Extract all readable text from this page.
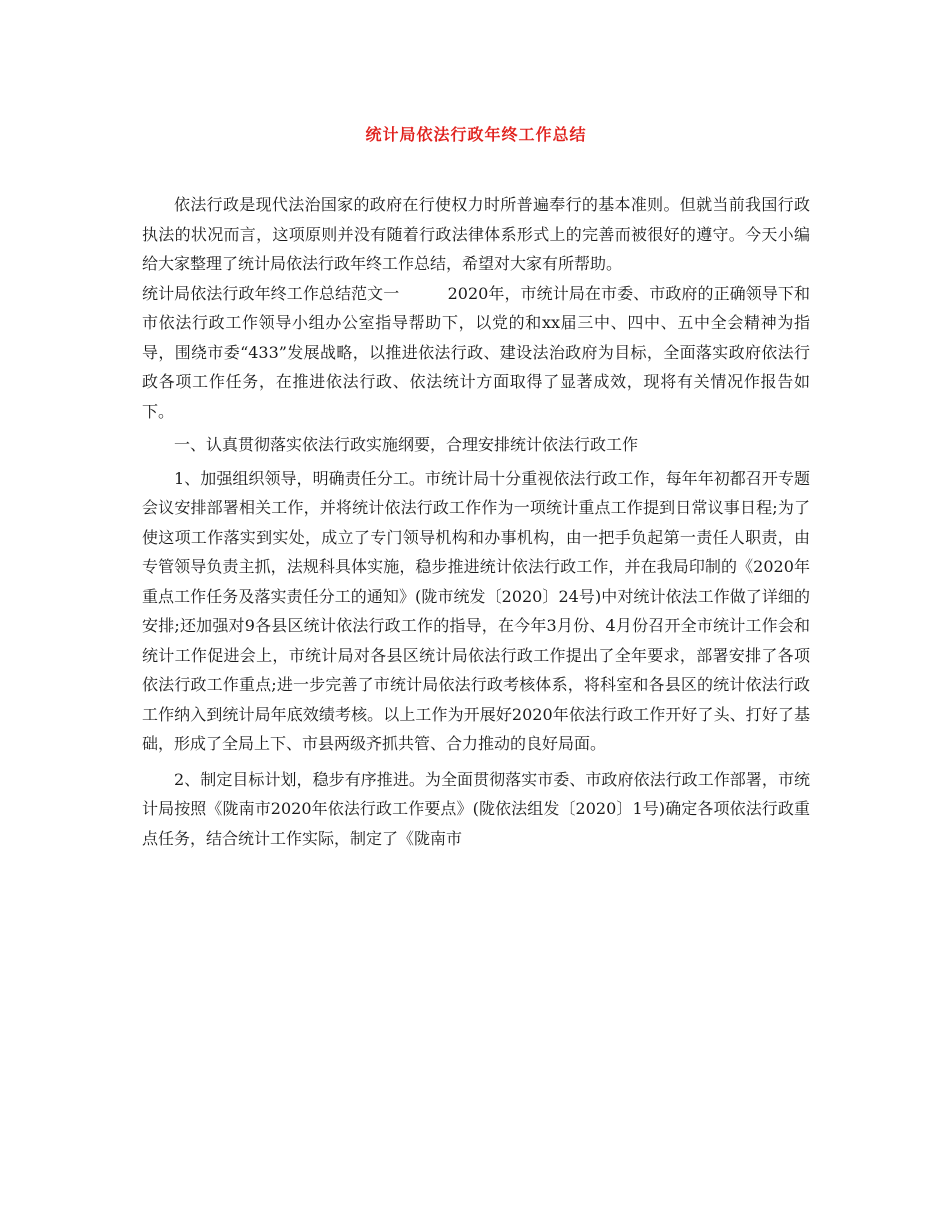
统计局依法行政年终工作总结

依法行政是现代法治国家的政府在行使权力时所普遍奉行的基本准则。但就当前我国行政执法的状况而言，这项原则并没有随着行政法律体系形式上的完善而被很好的遵守。今天小编给大家整理了统计局依法行政年终工作总结，希望对大家有所帮助。

统计局依法行政年终工作总结范文一　　　2020年，市统计局在市委、市政府的正确领导下和市依法行政工作领导小组办公室指导帮助下，以党的和xx届三中、四中、五中全会精神为指导，围绕市委“433”发展战略，以推进依法行政、建设法治政府为目标，全面落实政府依法行政各项工作任务，在推进依法行政、依法统计方面取得了显著成效，现将有关情况作报告如下。

一、认真贯彻落实依法行政实施纲要，合理安排统计依法行政工作

1、加强组织领导，明确责任分工。市统计局十分重视依法行政工作，每年年初都召开专题会议安排部署相关工作，并将统计依法行政工作作为一项统计重点工作提到日常议事日程;为了使这项工作落实到实处，成立了专门领导机构和办事机构，由一把手负起第一责任人职责，由专管领导负责主抓，法规科具体实施，稳步推进统计依法行政工作，并在我局印制的《2020年重点工作任务及落实责任分工的通知》(陇市统发〔2020〕24号)中对统计依法工作做了详细的安排;还加强对9各县区统计依法行政工作的指导，在今年3月份、4月份召开全市统计工作会和统计工作促进会上，市统计局对各县区统计局依法行政工作提出了全年要求，部署安排了各项依法行政工作重点;进一步完善了市统计局依法行政考核体系，将科室和各县区的统计依法行政工作纳入到统计局年底效绩考核。以上工作为开展好2020年依法行政工作开好了头、打好了基础，形成了全局上下、市县两级齐抓共管、合力推动的良好局面。

2、制定目标计划，稳步有序推进。为全面贯彻落实市委、市政府依法行政工作部署，市统计局按照《陇南市2020年依法行政工作要点》(陇依法组发〔2020〕1号)确定各项依法行政重点任务，结合统计工作实际，制定了《陇南市
